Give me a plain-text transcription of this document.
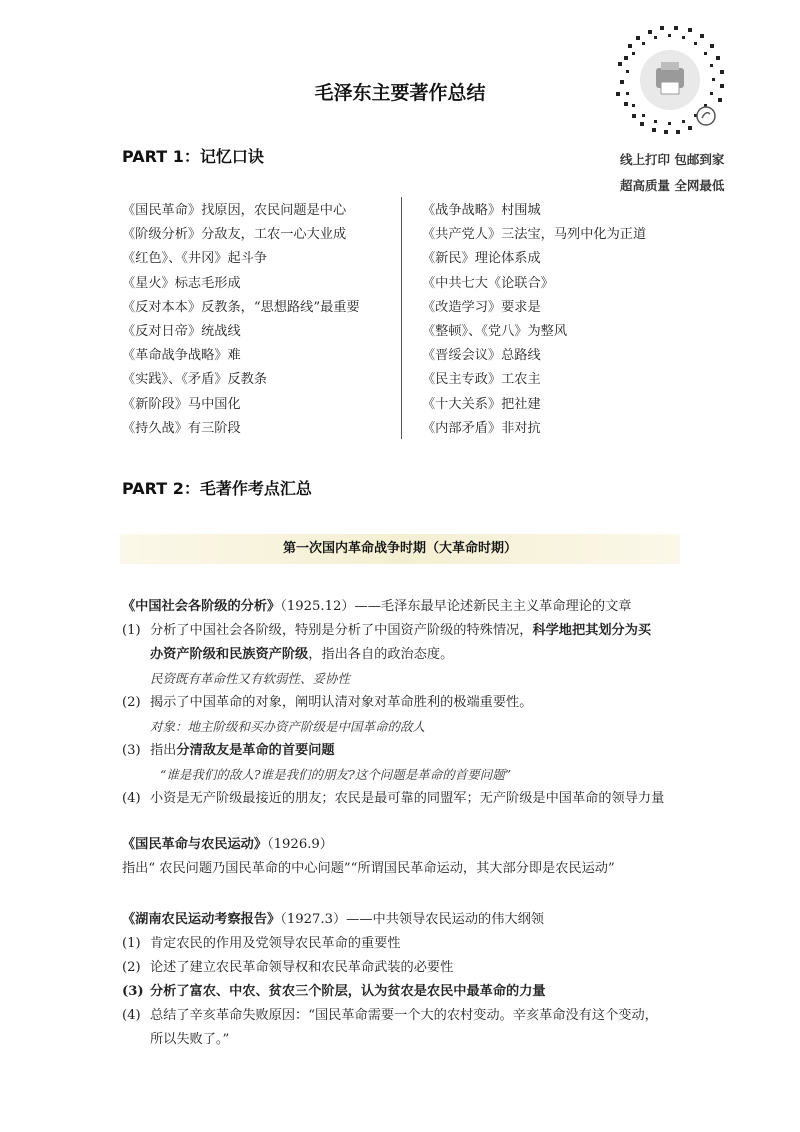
毛泽东主要著作总结
线上打印 包邮到家
超高质量 全网最低
PART 1：记忆口诀
《国民革命》找原因，农民问题是中心
《阶级分析》分敌友，工农一心大业成
《红色》、《井冈》起斗争
《星火》标志毛形成
《反对本本》反教条，“思想路线”最重要
《反对日帝》统战线
《革命战争战略》难
《实践》、《矛盾》反教条
《新阶段》马中国化
《持久战》有三阶段
《战争战略》村围城
《共产党人》三法宝，马列中化为正道
《新民》理论体系成
《中共七大《论联合》
《改造学习》要求是
《整顿》、《党八》为整风
《晋绥会议》总路线
《民主专政》工农主
《十大关系》把社建
《内部矛盾》非对抗
PART 2：毛著作考点汇总
第一次国内革命战争时期（大革命时期）
《中国社会各阶级的分析》（1925.12）——毛泽东最早论述新民主主义革命理论的文章
(1) 分析了中国社会各阶级，特别是分析了中国资产阶级的特殊情况，科学地把其划分为买
办资产阶级和民族资产阶级，指出各自的政治态度。
民资既有革命性又有软弱性、妥协性
(2) 揭示了中国革命的对象，阐明认清对象对革命胜利的极端重要性。
对象：地主阶级和买办资产阶级是中国革命的敌人
(3) 指出分清敌友是革命的首要问题
“谁是我们的敌人?谁是我们的朋友?这个问题是革命的首要问题”
(4) 小资是无产阶级最接近的朋友；农民是最可靠的同盟军；无产阶级是中国革命的领导力量
《国民革命与农民运动》（1926.9）
指出“ 农民问题乃国民革命的中心问题”“所谓国民革命运动，其大部分即是农民运动”
《湖南农民运动考察报告》（1927.3）——中共领导农民运动的伟大纲领
(1) 肯定农民的作用及党领导农民革命的重要性
(2) 论述了建立农民革命领导权和农民革命武装的必要性
(3) 分析了富农、中农、贫农三个阶层，认为贫农是农民中最革命的力量
(4) 总结了辛亥革命失败原因：“国民革命需要一个大的农村变动。辛亥革命没有这个变动，
所以失败了。”
